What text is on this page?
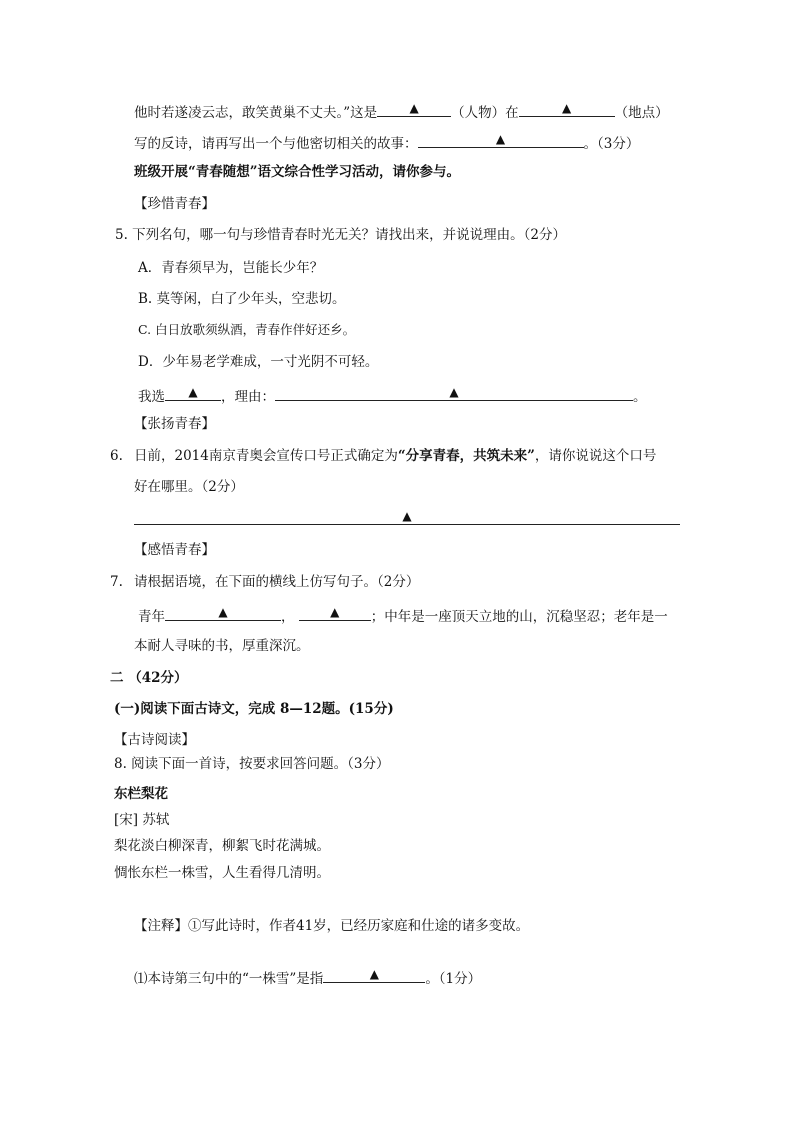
他时若遂凌云志，敢笑黄巢不丈夫。”这是	▲	（人物）在	▲	（地点）
写的反诗，请再写出一个与他密切相关的故事：	▲	。（3分）
班级开展“青春随想”语文综合性学习活动，请你参与。
【珍惜青春】
5. 下列名句，哪一句与珍惜青春时光无关？请找出来，并说说理由。（2分）
A．青春须早为，岂能长少年？
B. 莫等闲，白了少年头，空悲切。
C. 白日放歌须纵酒，青春作伴好还乡。
D．少年易老学难成，一寸光阴不可轻。
我选	▲	，理由：	▲	。
【张扬青春】
6. 日前，2014南京青奥会宣传口号正式确定为“分享青春，共筑未来”，请你说说这个口号
好在哪里。（2分）
▲
【感悟青春】
7. 请根据语境，在下面的横线上仿写句子。（2分）
青年	▲	，	▲	；中年是一座顶天立地的山，沉稳坚忍；老年是一
本耐人寻味的书，厚重深沉。
二 （42分）
(一)阅读下面古诗文，完成 8—12题。(15分)
【古诗阅读】
8. 阅读下面一首诗，按要求回答问题。（3分）
东栏梨花
[宋] 苏轼
梨花淡白柳深青，柳絮飞时花满城。
惆怅东栏一株雪，人生看得几清明。
【注释】①写此诗时，作者41岁，已经历家庭和仕途的诸多变故。
⑴本诗第三句中的“一株雪”是指	▲	。（1分）
